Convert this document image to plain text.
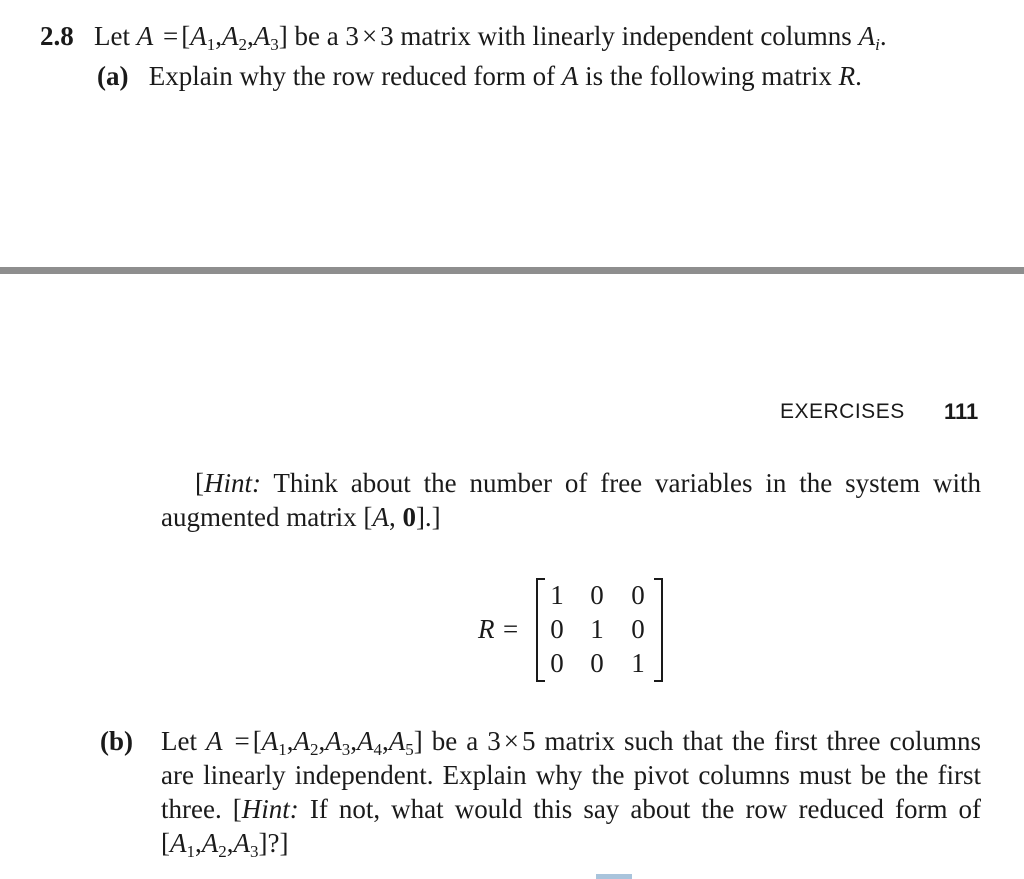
2.8 Let $A = [A_1,A_2,A_3]$ be a 3 × 3 matrix with linearly independent columns $A_i$.
(a) Explain why the row reduced form of A is the following matrix R.
EXERCISES 111
[Hint: Think about the number of free variables in the system with augmented matrix [A, 0].]
R =
1 0	0
0 1	0
0 0	1
(b) Let $A = [A_1,A_2,A_3,A_4,A_5]$ be a 3 × 5 matrix such that the first three columns are linearly independent. Explain why the pivot columns must be the first three. [Hint: If not, what would this say about the row reduced form of $[A_1,A_2,A_3]$?]
